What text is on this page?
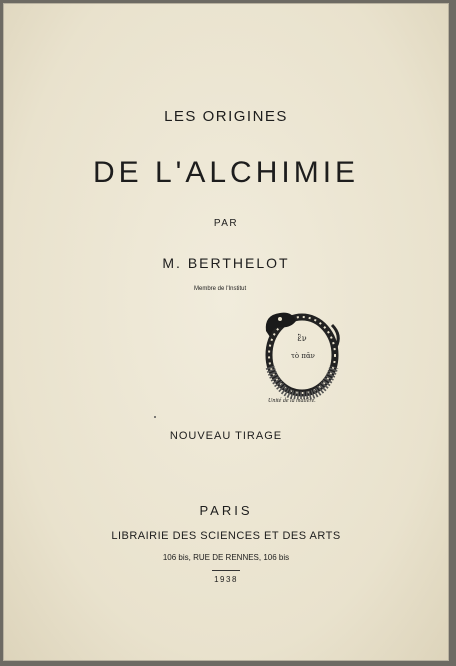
LES ORIGINES
DE L'ALCHIMIE
PAR
M. BERTHELOT
Membre de l'Institut
ἓν
τὸ πᾶν
Unité de la matière.
NOUVEAU TIRAGE
PARIS
LIBRAIRIE DES SCIENCES ET DES ARTS
106 bis, RUE DE RENNES, 106 bis
1938
